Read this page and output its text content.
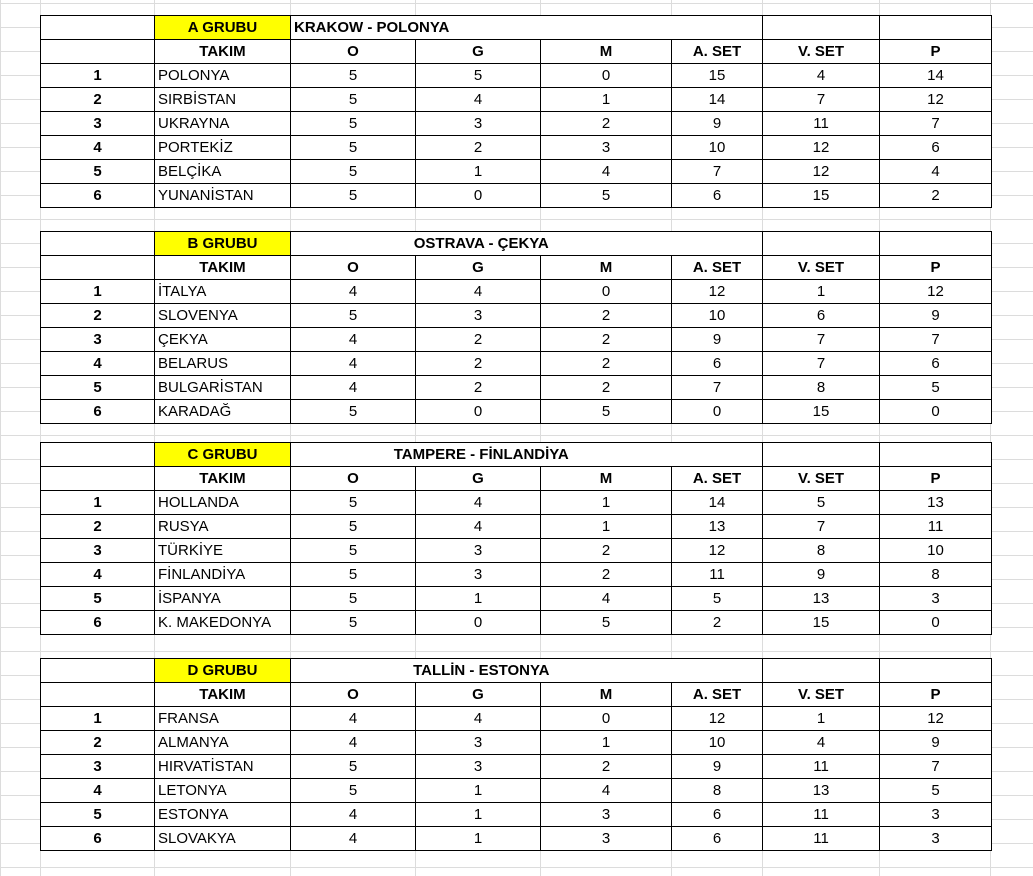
	A GRUBU	KRAKOW - POLONYA					
	TAKIM	O	G	M	A. SET	V. SET	P
1	POLONYA	5	5	0	15	4	14
2	SIRBİSTAN	5	4	1	14	7	12
3	UKRAYNA	5	3	2	9	11	7
4	PORTEKİZ	5	2	3	10	12	6
5	BELÇİKA	5	1	4	7	12	4
6	YUNANİSTAN	5	0	5	6	15	2
	B GRUBU	OSTRAVA - ÇEKYA					
	TAKIM	O	G	M	A. SET	V. SET	P
1	İTALYA	4	4	0	12	1	12
2	SLOVENYA	5	3	2	10	6	9
3	ÇEKYA	4	2	2	9	7	7
4	BELARUS	4	2	2	6	7	6
5	BULGARİSTAN	4	2	2	7	8	5
6	KARADAĞ	5	0	5	0	15	0
	C GRUBU	TAMPERE - FİNLANDİYA					
	TAKIM	O	G	M	A. SET	V. SET	P
1	HOLLANDA	5	4	1	14	5	13
2	RUSYA	5	4	1	13	7	11
3	TÜRKİYE	5	3	2	12	8	10
4	FİNLANDİYA	5	3	2	11	9	8
5	İSPANYA	5	1	4	5	13	3
6	K. MAKEDONYA	5	0	5	2	15	0
	D GRUBU	TALLİN - ESTONYA					
	TAKIM	O	G	M	A. SET	V. SET	P
1	FRANSA	4	4	0	12	1	12
2	ALMANYA	4	3	1	10	4	9
3	HIRVATİSTAN	5	3	2	9	11	7
4	LETONYA	5	1	4	8	13	5
5	ESTONYA	4	1	3	6	11	3
6	SLOVAKYA	4	1	3	6	11	3
